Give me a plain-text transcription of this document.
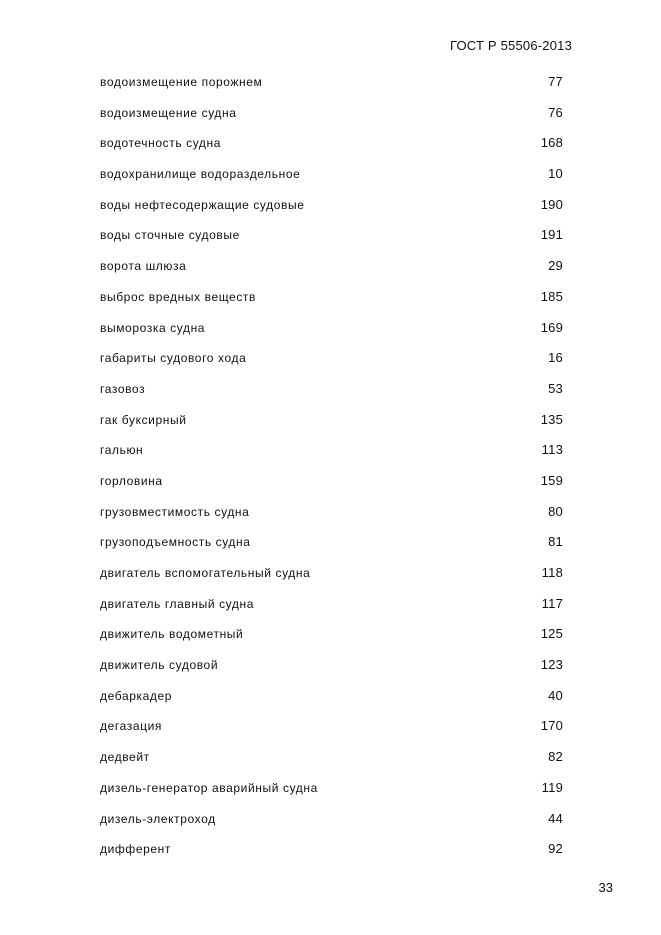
ГОСТ Р 55506-2013
водоизмещение порожнем	77
водоизмещение судна	76
водотечность судна	168
водохранилище водораздельное	10
воды нефтесодержащие судовые	190
воды сточные судовые	191
ворота шлюза	29
выброс вредных веществ	185
выморозка судна	169
габариты судового хода	16
газовоз	53
гак буксирный	135
гальюн	113
горловина	159
грузовместимость судна	80
грузоподъемность судна	81
двигатель вспомогательный судна	118
двигатель главный судна	117
движитель водометный	125
движитель судовой	123
дебаркадер	40
дегазация	170
дедвейт	82
дизель-генератор аварийный судна	119
дизель-электроход	44
дифферент	92
33
